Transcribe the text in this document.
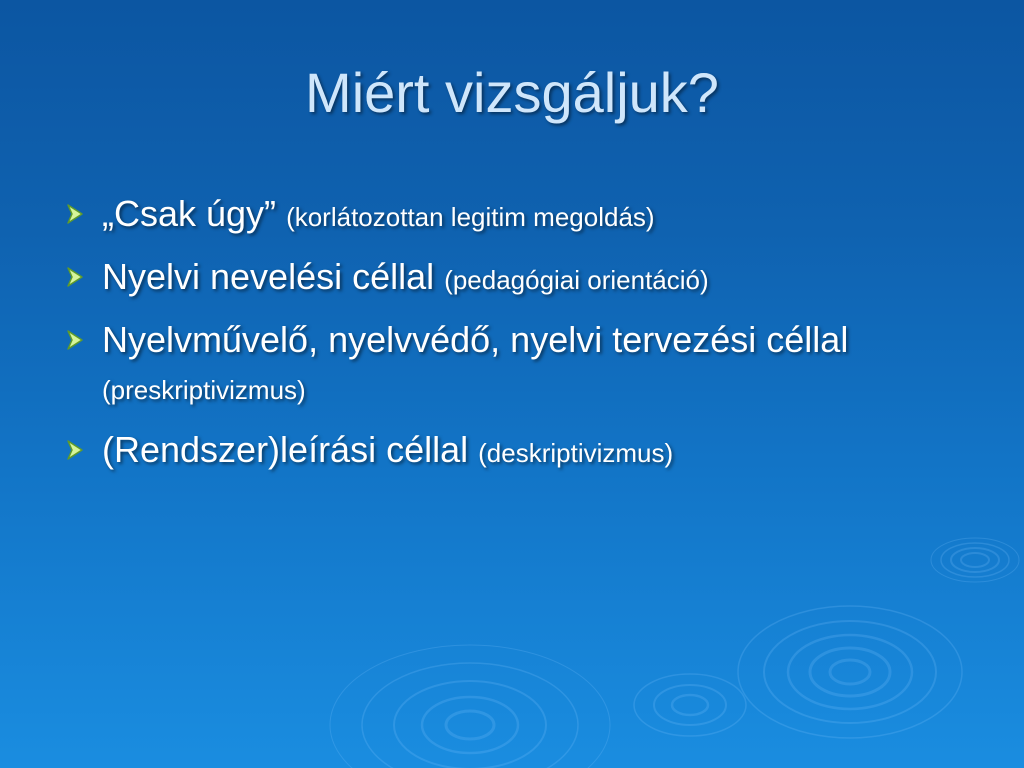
Miért vizsgáljuk?
„Csak úgy” (korlátozottan legitim megoldás)
Nyelvi nevelési céllal (pedagógiai orientáció)
Nyelvművelő, nyelvvédő, nyelvi tervezési céllal (preskriptivizmus)
(Rendszer)leírási céllal (deskriptivizmus)
